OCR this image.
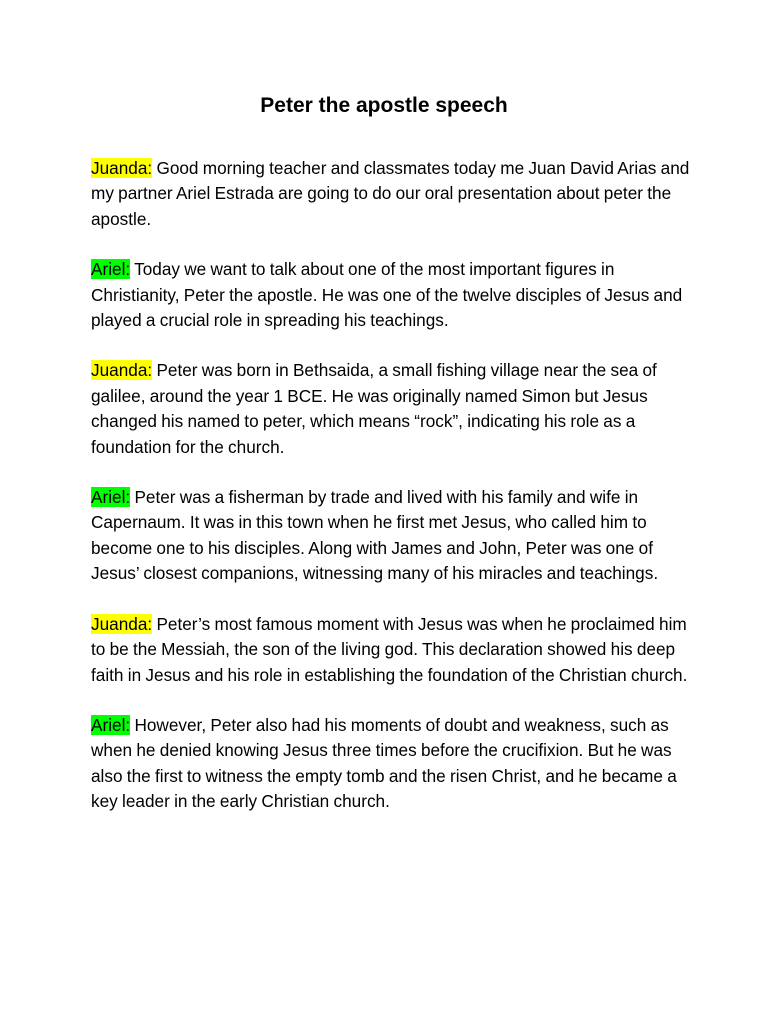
Peter the apostle speech

Juanda: Good morning teacher and classmates today me Juan David Arias and my partner Ariel Estrada are going to do our oral presentation about peter the apostle.

Ariel: Today we want to talk about one of the most important figures in Christianity, Peter the apostle. He was one of the twelve disciples of Jesus and played a crucial role in spreading his teachings.

Juanda: Peter was born in Bethsaida, a small fishing village near the sea of galilee, around the year 1 BCE. He was originally named Simon but Jesus changed his named to peter, which means “rock”, indicating his role as a foundation for the church.

Ariel: Peter was a fisherman by trade and lived with his family and wife in Capernaum. It was in this town when he first met Jesus, who called him to become one to his disciples. Along with James and John, Peter was one of Jesus’ closest companions, witnessing many of his miracles and teachings.

Juanda: Peter’s most famous moment with Jesus was when he proclaimed him to be the Messiah, the son of the living god. This declaration showed his deep faith in Jesus and his role in establishing the foundation of the Christian church.

Ariel: However, Peter also had his moments of doubt and weakness, such as when he denied knowing Jesus three times before the crucifixion. But he was also the first to witness the empty tomb and the risen Christ, and he became a key leader in the early Christian church.
